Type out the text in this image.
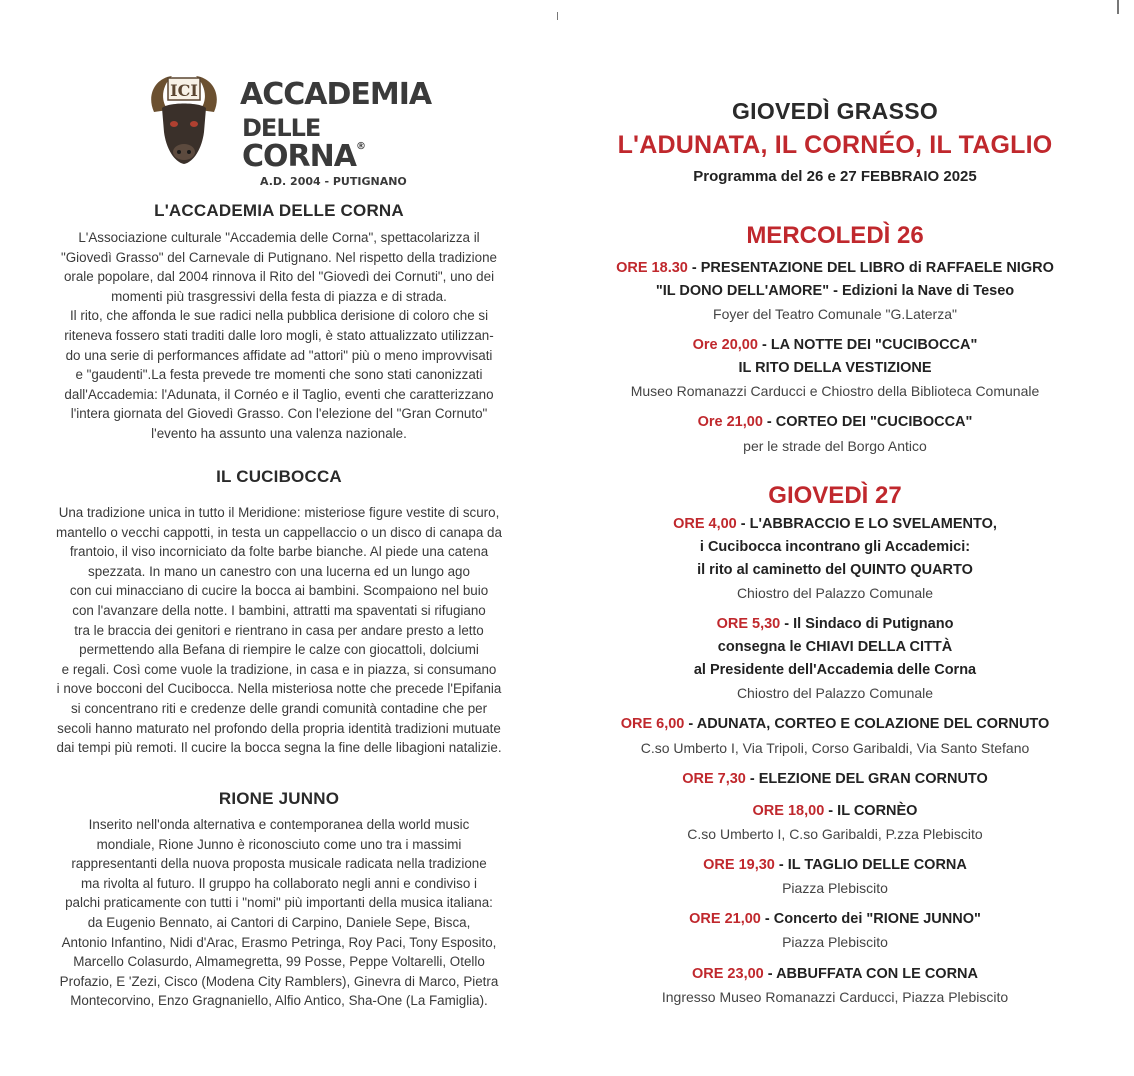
ICI ACCADEMIA
DELLE CORNA®
A.D. 2004 - PUTIGNANO
L'ACCADEMIA DELLE CORNA
L'Associazione culturale "Accademia delle Corna", spettacolarizza il
"Giovedì Grasso" del Carnevale di Putignano. Nel rispetto della tradizione
orale popolare, dal 2004 rinnova il Rito del "Giovedì dei Cornuti", uno dei
momenti più trasgressivi della festa di piazza e di strada.
Il rito, che affonda le sue radici nella pubblica derisione di coloro che si
riteneva fossero stati traditi dalle loro mogli, è stato attualizzato utilizzan-
do una serie di performances affidate ad "attori" più o meno improvvisati
e "gaudenti".La festa prevede tre momenti che sono stati canonizzati
dall'Accademia: l'Adunata, il Cornéo e il Taglio, eventi che caratterizzano
l'intera giornata del Giovedì Grasso. Con l'elezione del "Gran Cornuto"
l'evento ha assunto una valenza nazionale.
IL CUCIBOCCA
Una tradizione unica in tutto il Meridione: misteriose figure vestite di scuro,
mantello o vecchi cappotti, in testa un cappellaccio o un disco di canapa da
frantoio, il viso incorniciato da folte barbe bianche. Al piede una catena
spezzata. In mano un canestro con una lucerna ed un lungo ago
con cui minacciano di cucire la bocca ai bambini. Scompaiono nel buio
con l'avanzare della notte. I bambini, attratti ma spaventati si rifugiano
tra le braccia dei genitori e rientrano in casa per andare presto a letto
permettendo alla Befana di riempire le calze con giocattoli, dolciumi
e regali. Così come vuole la tradizione, in casa e in piazza, si consumano
i nove bocconi del Cucibocca. Nella misteriosa notte che precede l'Epifania
si concentrano riti e credenze delle grandi comunità contadine che per
secoli hanno maturato nel profondo della propria identità tradizioni mutuate
dai tempi più remoti. Il cucire la bocca segna la fine delle libagioni natalizie.
RIONE JUNNO
Inserito nell'onda alternativa e contemporanea della world music
mondiale, Rione Junno è riconosciuto come uno tra i massimi
rappresentanti della nuova proposta musicale radicata nella tradizione
ma rivolta al futuro. Il gruppo ha collaborato negli anni e condiviso i
palchi praticamente con tutti i "nomi" più importanti della musica italiana:
da Eugenio Bennato, ai Cantori di Carpino, Daniele Sepe, Bisca,
Antonio Infantino, Nidi d'Arac, Erasmo Petringa, Roy Paci, Tony Esposito,
Marcello Colasurdo, Almamegretta, 99 Posse, Peppe Voltarelli, Otello
Profazio, E 'Zezi, Cisco (Modena City Ramblers), Ginevra di Marco, Pietra
Montecorvino, Enzo Gragnaniello, Alfio Antico, Sha-One (La Famiglia).
GIOVEDÌ GRASSO
L'ADUNATA, IL CORNÉO, IL TAGLIO
Programma del 26 e 27 FEBBRAIO 2025
MERCOLEDÌ 26
ORE 18.30 - PRESENTAZIONE DEL LIBRO di RAFFAELE NIGRO
"IL DONO DELL'AMORE" - Edizioni la Nave di Teseo
Foyer del Teatro Comunale "G.Laterza"
Ore 20,00 - LA NOTTE DEI "CUCIBOCCA"
IL RITO DELLA VESTIZIONE
Museo Romanazzi Carducci e Chiostro della Biblioteca Comunale
Ore 21,00 - CORTEO DEI "CUCIBOCCA"
per le strade del Borgo Antico
GIOVEDÌ 27
ORE 4,00 - L'ABBRACCIO E LO SVELAMENTO,
i Cucibocca incontrano gli Accademici:
il rito al caminetto del QUINTO QUARTO
Chiostro del Palazzo Comunale
ORE 5,30 - Il Sindaco di Putignano
consegna le CHIAVI DELLA CITTÀ
al Presidente dell'Accademia delle Corna
Chiostro del Palazzo Comunale
ORE 6,00 - ADUNATA, CORTEO E COLAZIONE DEL CORNUTO
C.so Umberto I, Via Tripoli, Corso Garibaldi, Via Santo Stefano
ORE 7,30 - ELEZIONE DEL GRAN CORNUTO
ORE 18,00 - IL CORNÈO
C.so Umberto I, C.so Garibaldi, P.zza Plebiscito
ORE 19,30 - IL TAGLIO DELLE CORNA
Piazza Plebiscito
ORE 21,00 - Concerto dei "RIONE JUNNO"
Piazza Plebiscito
ORE 23,00 - ABBUFFATA CON LE CORNA
Ingresso Museo Romanazzi Carducci, Piazza Plebiscito
